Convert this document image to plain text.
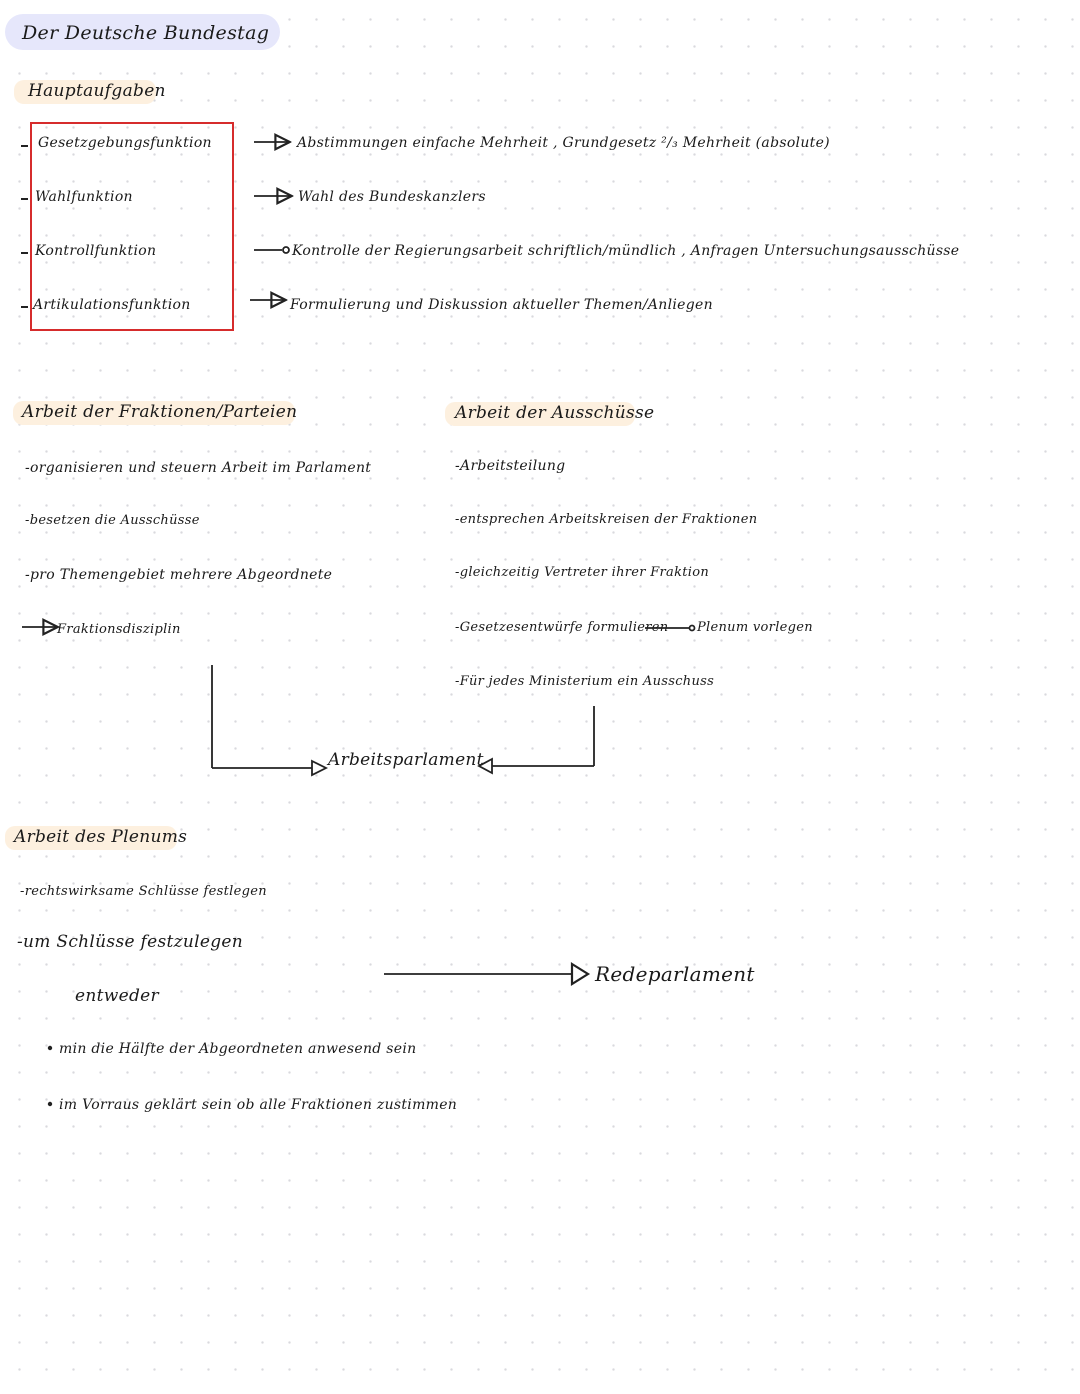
Der Deutsche Bundestag
Hauptaufgaben
Gesetzgebungsfunktion
Wahlfunktion
Kontrollfunktion
Artikulationsfunktion
Abstimmungen einfache Mehrheit , Grundgesetz ²/₃ Mehrheit (absolute)
Wahl des Bundeskanzlers
Kontrolle der Regierungsarbeit schriftlich/mündlich , Anfragen Untersuchungsausschüsse
Formulierung und Diskussion aktueller Themen/Anliegen
Arbeit der Fraktionen/Parteien
-organisieren und steuern Arbeit im Parlament
-besetzen die Ausschüsse
-pro Themengebiet mehrere Abgeordnete
Fraktionsdisziplin
Arbeit der Ausschüsse
-Arbeitsteilung
-entsprechen Arbeitskreisen der Fraktionen
-gleichzeitig Vertreter ihrer Fraktion
-Gesetzesentwürfe formulieren Plenum vorlegen
-Für jedes Ministerium ein Ausschuss
Arbeitsparlament
Arbeit des Plenums
-rechtswirksame Schlüsse festlegen
-um Schlüsse festzulegen
entweder
min die Hälfte der Abgeordneten anwesend sein
im Vorraus geklärt sein ob alle Fraktionen zustimmen
Redeparlament
